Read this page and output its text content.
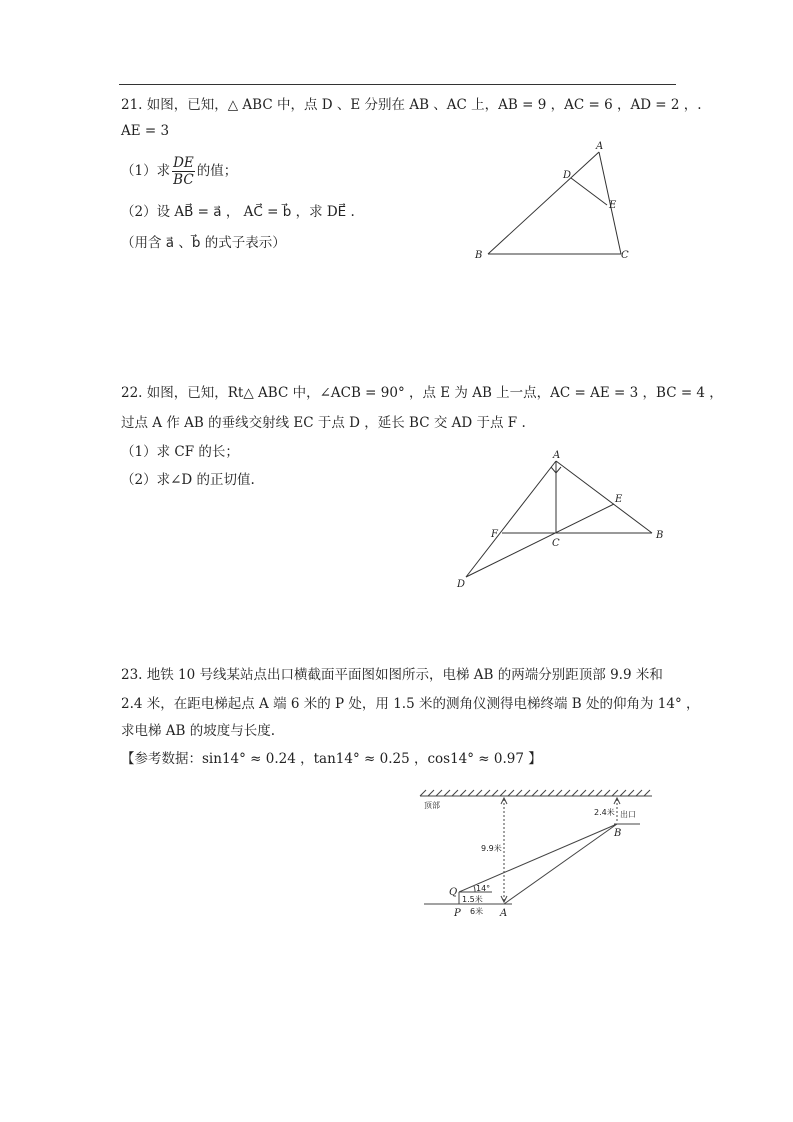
21. 如图，已知，△ ABC 中，点 D 、E 分别在 AB 、AC 上，AB = 9 ，AC = 6 ，AD = 2 ，.
AE = 3
（1）求 $\frac{DE}{BC}$ 的值；
（2）设 AB⃗ = a⃗ ， AC⃗ = b⃗ ，求 DE⃗ .
（用含 a⃗ 、b⃗ 的式子表示）
A
B	C
D
E
22. 如图，已知，Rt△ ABC 中，∠ACB = 90° ，点 E 为 AB 上一点，AC = AE = 3 ，BC = 4 ，
过点 A 作 AB 的垂线交射线 EC 于点 D ，延长 BC 交 AD 于点 F .
（1）求 CF 的长；
（2）求∠D 的正切值.
A
B
C
D
E
F
23. 地铁 10 号线某站点出口横截面平面图如图所示，电梯 AB 的两端分别距顶部 9.9 米和
2.4 米，在距电梯起点 A 端 6 米的 P 处，用 1.5 米的测角仪测得电梯终端 B 处的仰角为 14° ，
求电梯 AB 的坡度与长度.
【参考数据：sin14° ≈ 0.24 ，tan14° ≈ 0.25 ，cos14° ≈ 0.97 】
顶部
出口
2.4米
9.9米
1.5米
6米
14°
Q
P	A
B
